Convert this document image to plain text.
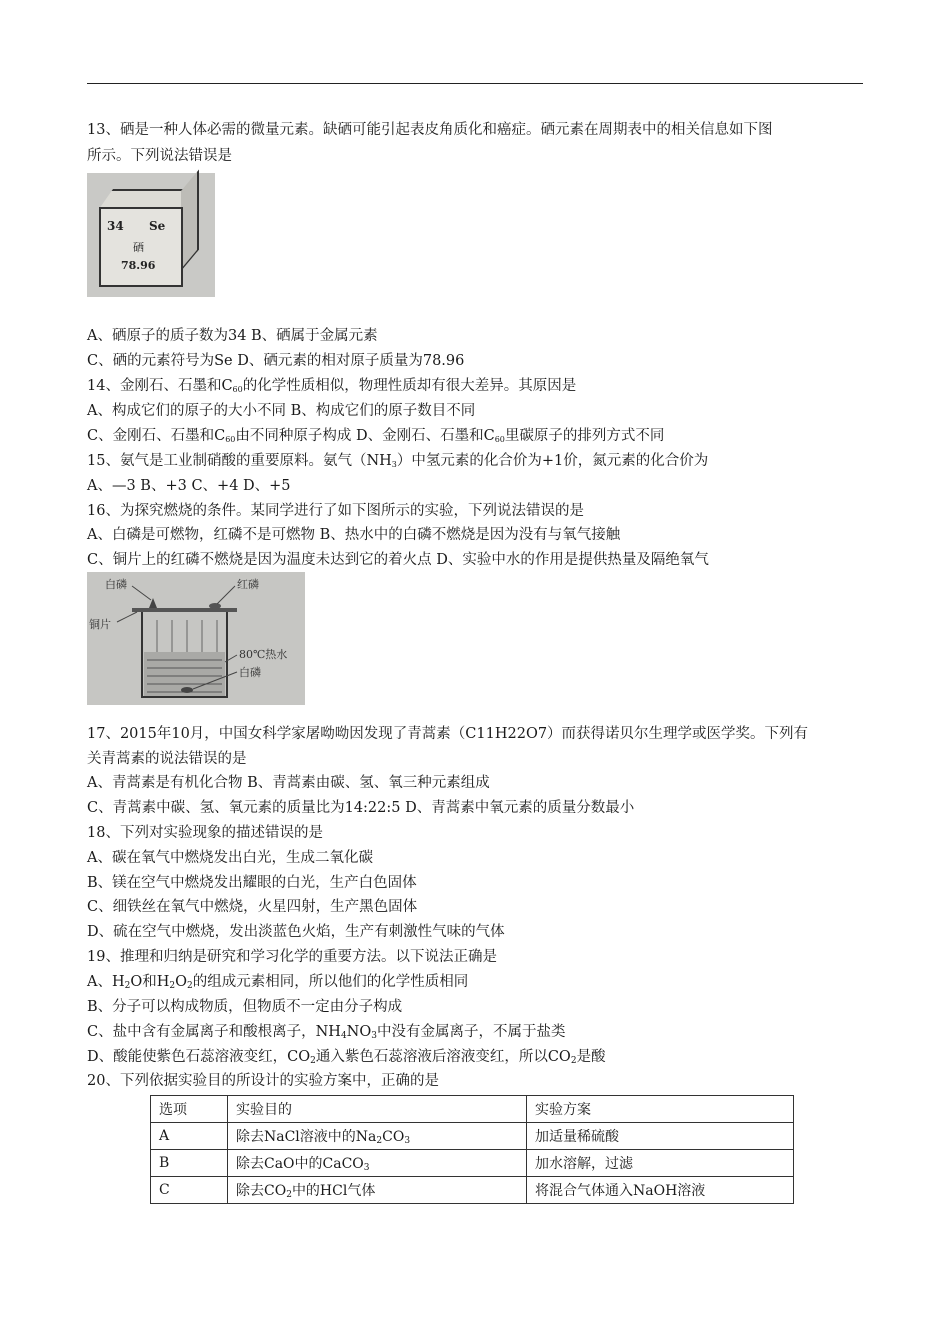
13、硒是一种人体必需的微量元素。缺硒可能引起表皮角质化和癌症。硒元素在周期表中的相关信息如下图
所示。下列说法错误是
34 Se
硒
78.96
A、硒原子的质子数为34 B、硒属于金属元素
C、硒的元素符号为Se D、硒元素的相对原子质量为78.96
14、金刚石、石墨和C60的化学性质相似，物理性质却有很大差异。其原因是
A、构成它们的原子的大小不同 B、构成它们的原子数目不同
C、金刚石、石墨和C60由不同种原子构成 D、金刚石、石墨和C60里碳原子的排列方式不同
15、氨气是工业制硝酸的重要原料。氨气（NH3）中氢元素的化合价为+1价，氮元素的化合价为
A、—3 B、+3 C、+4 D、+5
16、为探究燃烧的条件。某同学进行了如下图所示的实验，下列说法错误的是
A、白磷是可燃物，红磷不是可燃物 B、热水中的白磷不燃烧是因为没有与氧气接触
C、铜片上的红磷不燃烧是因为温度未达到它的着火点 D、实验中水的作用是提供热量及隔绝氧气
白磷	红磷
铜片
80℃热水
白磷
17、2015年10月，中国女科学家屠呦呦因发现了青蒿素（C11H22O7）而获得诺贝尔生理学或医学奖。下列有
关青蒿素的说法错误的是
A、青蒿素是有机化合物 B、青蒿素由碳、氢、氧三种元素组成
C、青蒿素中碳、氢、氧元素的质量比为14:22:5 D、青蒿素中氧元素的质量分数最小
18、下列对实验现象的描述错误的是
A、碳在氧气中燃烧发出白光，生成二氧化碳
B、镁在空气中燃烧发出耀眼的白光，生产白色固体
C、细铁丝在氧气中燃烧，火星四射，生产黑色固体
D、硫在空气中燃烧，发出淡蓝色火焰，生产有刺激性气味的气体
19、推理和归纳是研究和学习化学的重要方法。以下说法正确是
A、$H_2O$和$H_2O_2$的组成元素相同，所以他们的化学性质相同
B、分子可以构成物质，但物质不一定由分子构成
C、盐中含有金属离子和酸根离子，$NH_4NO_3$中没有金属离子，不属于盐类
D、酸能使紫色石蕊溶液变红，$CO_2$通入紫色石蕊溶液后溶液变红，所以$CO_2$是酸
20、下列依据实验目的所设计的实验方案中，正确的是
选项	实验目的	实验方案
A	除去NaCl溶液中的$Na_2CO_3$	加适量稀硫酸
B	除去CaO中的CaCO$_3$	加水溶解，过滤
C	除去$CO_2$中的HCl气体	将混合气体通入NaOH溶液
